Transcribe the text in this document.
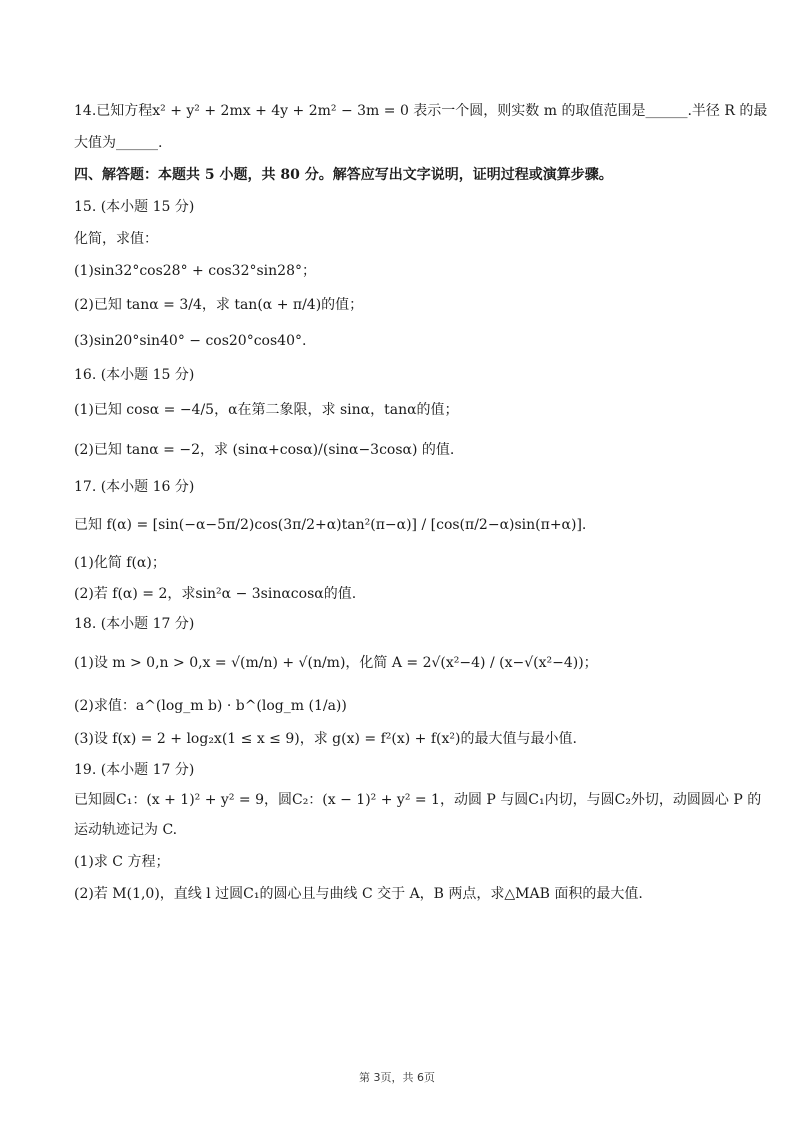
14.已知方程x² + y² + 2mx + 4y + 2m² − 3m = 0 表示一个圆，则实数 m 的取值范围是______.半径 R 的最
大值为______.
四、解答题：本题共 5 小题，共 80 分。解答应写出文字说明，证明过程或演算步骤。
15. (本小题 15 分)
化简，求值：
(1)sin32°cos28° + cos32°sin28°；
(2)已知 tanα = 3/4，求 tan(α + π/4)的值；
(3)sin20°sin40° − cos20°cos40°.
16. (本小题 15 分)
(1)已知 cosα = −4/5，α在第二象限，求 sinα，tanα的值；
(2)已知 tanα = −2，求 (sinα+cosα)/(sinα−3cosα) 的值.
17. (本小题 16 分)
已知 f(α) = [sin(−α−5π/2)cos(3π/2+α)tan²(π−α)] / [cos(π/2−α)sin(π+α)].
(1)化简 f(α)；
(2)若 f(α) = 2，求sin²α − 3sinαcosα的值.
18. (本小题 17 分)
(1)设 m > 0,n > 0,x = √(m/n) + √(n/m)，化简 A = 2√(x²−4) / (x−√(x²−4))；
(2)求值：a^(log_m b) · b^(log_m (1/a))
(3)设 f(x) = 2 + log₂x(1 ≤ x ≤ 9)，求 g(x) = f²(x) + f(x²)的最大值与最小值.
19. (本小题 17 分)
已知圆C₁：(x + 1)² + y² = 9，圆C₂：(x − 1)² + y² = 1，动圆 P 与圆C₁内切，与圆C₂外切，动圆圆心 P 的
运动轨迹记为 C.
(1)求 C 方程；
(2)若 M(1,0)，直线 l 过圆C₁的圆心且与曲线 C 交于 A，B 两点，求△MAB 面积的最大值.
第 3页，共 6页
